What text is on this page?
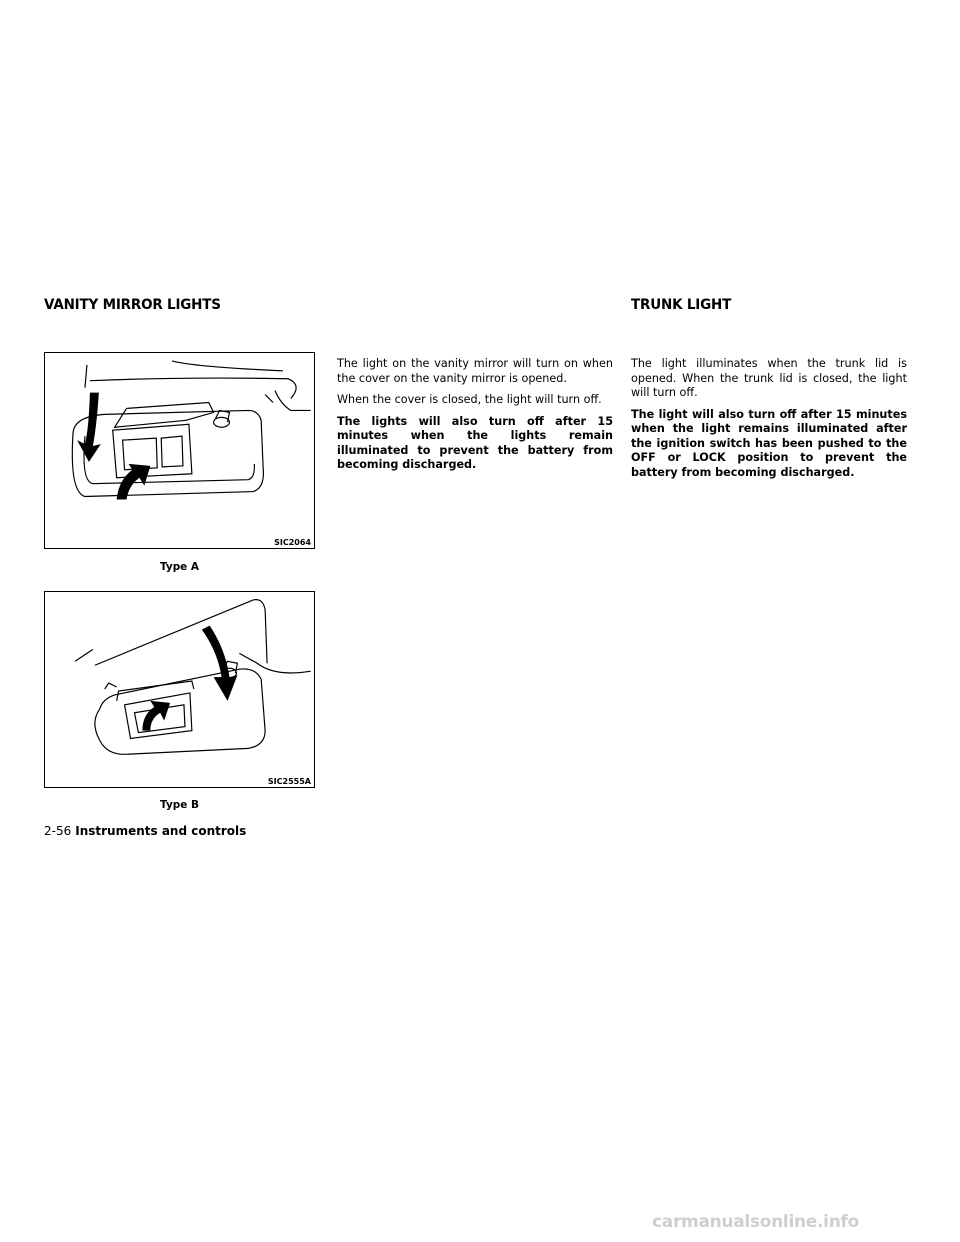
VANITY MIRROR LIGHTS	TRUNK LIGHT
SIC2064
Type A
SIC2555A
Type B

The light on the vanity mirror will turn on when the cover on the vanity mirror is opened.

When the cover is closed, the light will turn off.

The lights will also turn off after 15 minutes when the lights remain illuminated to prevent the battery from becoming discharged.

The light illuminates when the trunk lid is opened. When the trunk lid is closed, the light will turn off.

The light will also turn off after 15 minutes when the light remains illuminated after the ignition switch has been pushed to the OFF or LOCK position to prevent the battery from becoming discharged.

2-56 Instruments and controls
carmanualsonline.info
